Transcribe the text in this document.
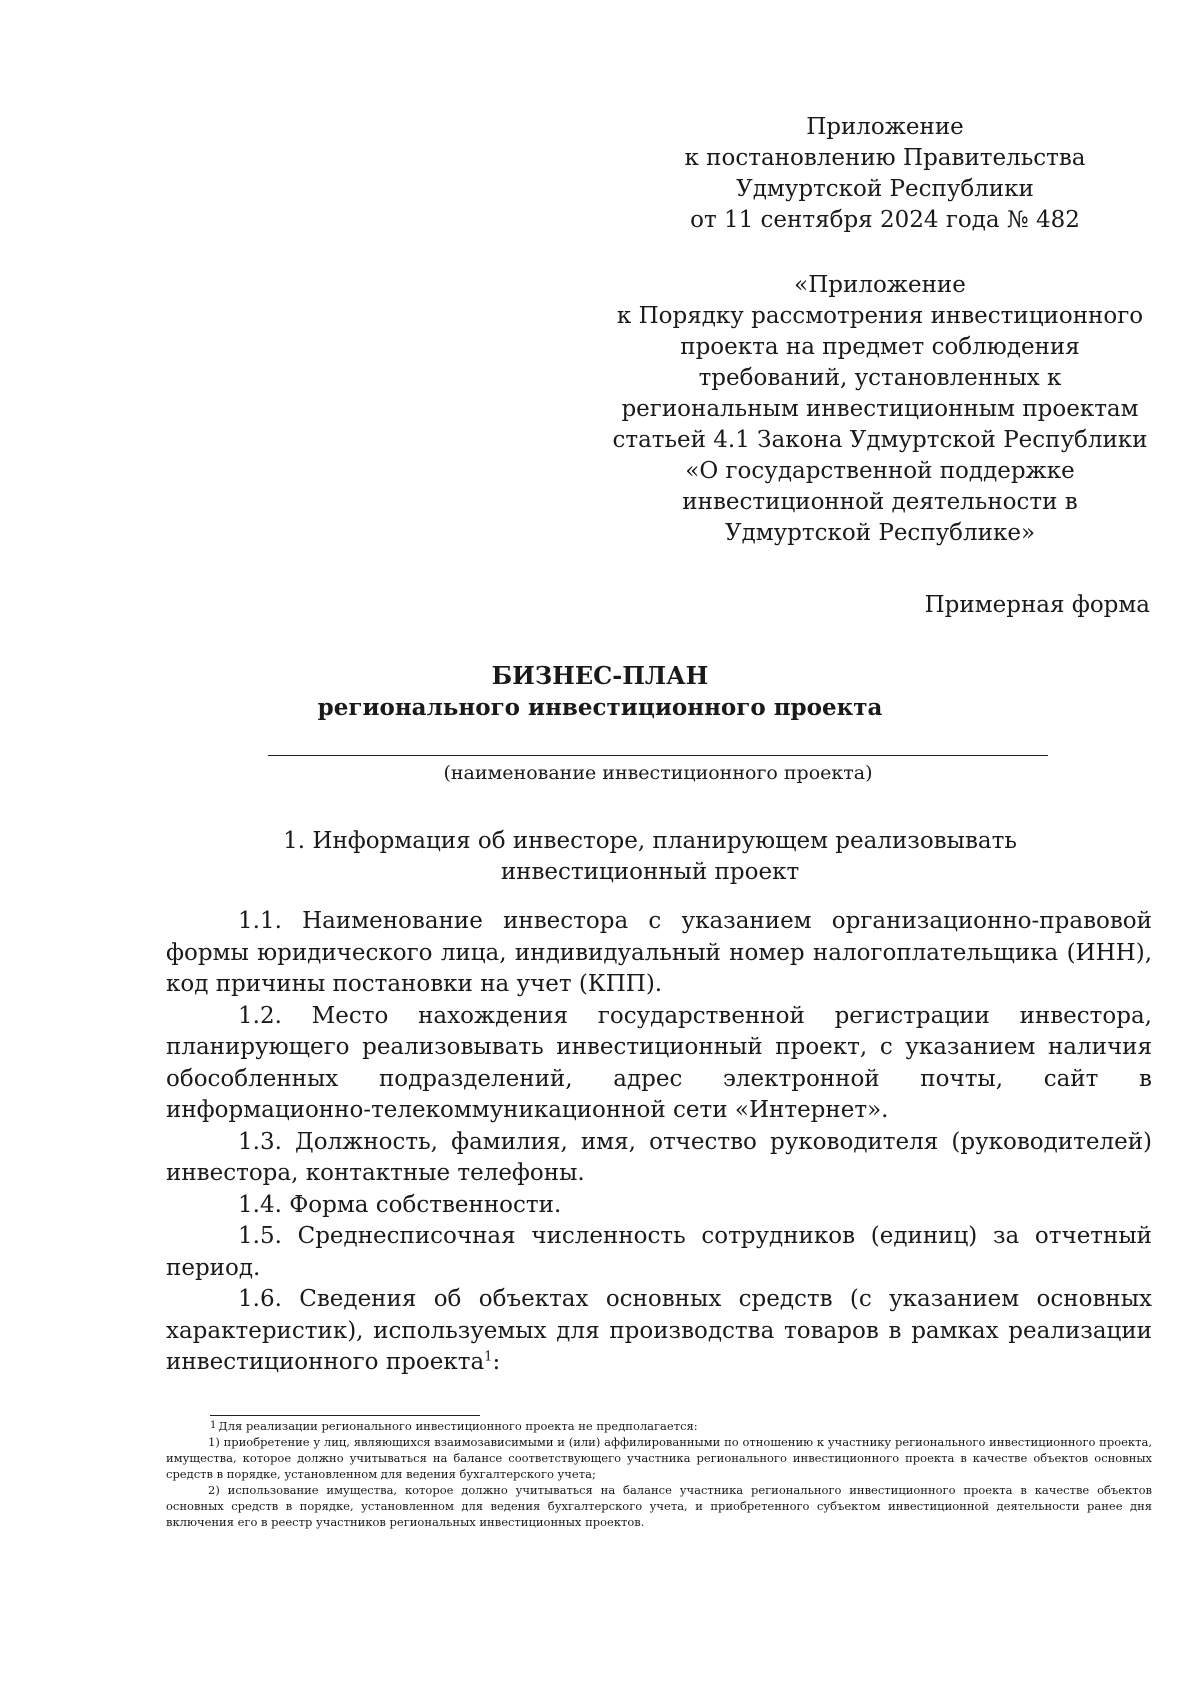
Приложение
к постановлению Правительства
Удмуртской Республики
от 11 сентября 2024 года № 482
«Приложение
к Порядку рассмотрения инвестиционного
проекта на предмет соблюдения
требований, установленных к
региональным инвестиционным проектам
статьей 4.1 Закона Удмуртской Республики
«О государственной поддержке
инвестиционной деятельности в
Удмуртской Республике»
Примерная форма
БИЗНЕС-ПЛАН
регионального инвестиционного проекта
(наименование инвестиционного проекта)
1. Информация об инвесторе, планирующем реализовывать
инвестиционный проект

1.1. Наименование инвестора с указанием организационно-правовой формы юридического лица, индивидуальный номер налогоплательщика (ИНН), код причины постановки на учет (КПП).

1.2. Место нахождения государственной регистрации инвестора, планирующего реализовывать инвестиционный проект, с указанием наличия обособленных подразделений, адрес электронной почты, сайт в информационно-телекоммуникационной сети «Интернет».

1.3. Должность, фамилия, имя, отчество руководителя (руководителей) инвестора, контактные телефоны.

1.4. Форма собственности.

1.5. Среднесписочная численность сотрудников (единиц) за отчетный период.

1.6. Сведения об объектах основных средств (с указанием основных характеристик), используемых для производства товаров в рамках реализации инвестиционного проекта$^1$:

1 Для реализации регионального инвестиционного проекта не предполагается:

1) приобретение у лиц, являющихся взаимозависимыми и (или) аффилированными по отношению к участнику регионального инвестиционного проекта, имущества, которое должно учитываться на балансе соответствующего участника регионального инвестиционного проекта в качестве объектов основных средств в порядке, установленном для ведения бухгалтерского учета;

2) использование имущества, которое должно учитываться на балансе участника регионального инвестиционного проекта в качестве объектов основных средств в порядке, установленном для ведения бухгалтерского учета, и приобретенного субъектом инвестиционной деятельности ранее дня включения его в реестр участников региональных инвестиционных проектов.
